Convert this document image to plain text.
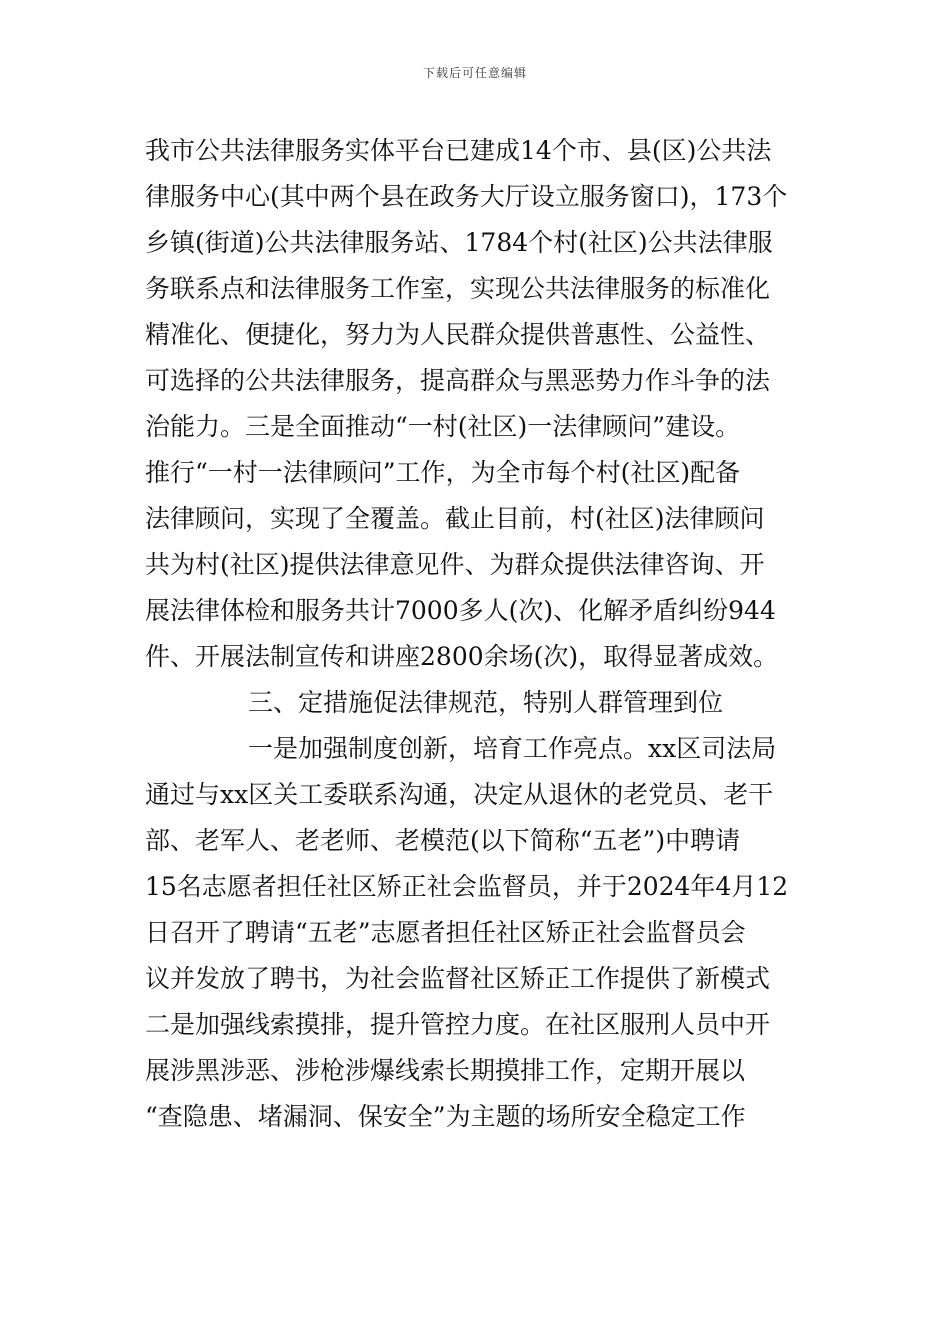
下载后可任意编辑
我市公共法律服务实体平台已建成14个市、县(区)公共法
律服务中心(其中两个县在政务大厅设立服务窗口)，173个
乡镇(街道)公共法律服务站、1784个村(社区)公共法律服
务联系点和法律服务工作室，实现公共法律服务的标准化
精准化、便捷化，努力为人民群众提供普惠性、公益性、
可选择的公共法律服务，提高群众与黑恶势力作斗争的法
治能力。三是全面推动“一村(社区)一法律顾问”建设。
推行“一村一法律顾问”工作，为全市每个村(社区)配备
法律顾问，实现了全覆盖。截止目前，村(社区)法律顾问
共为村(社区)提供法律意见件、为群众提供法律咨询、开
展法律体检和服务共计7000多人(次)、化解矛盾纠纷944
件、开展法制宣传和讲座2800余场(次)，取得显著成效。
三、定措施促法律规范，特别人群管理到位
一是加强制度创新，培育工作亮点。xx区司法局
通过与xx区关工委联系沟通，决定从退休的老党员、老干
部、老军人、老老师、老模范(以下简称“五老”)中聘请
15名志愿者担任社区矫正社会监督员，并于2024年4月12
日召开了聘请“五老”志愿者担任社区矫正社会监督员会
议并发放了聘书，为社会监督社区矫正工作提供了新模式
二是加强线索摸排，提升管控力度。在社区服刑人员中开
展涉黑涉恶、涉枪涉爆线索长期摸排工作，定期开展以
“查隐患、堵漏洞、保安全”为主题的场所安全稳定工作
